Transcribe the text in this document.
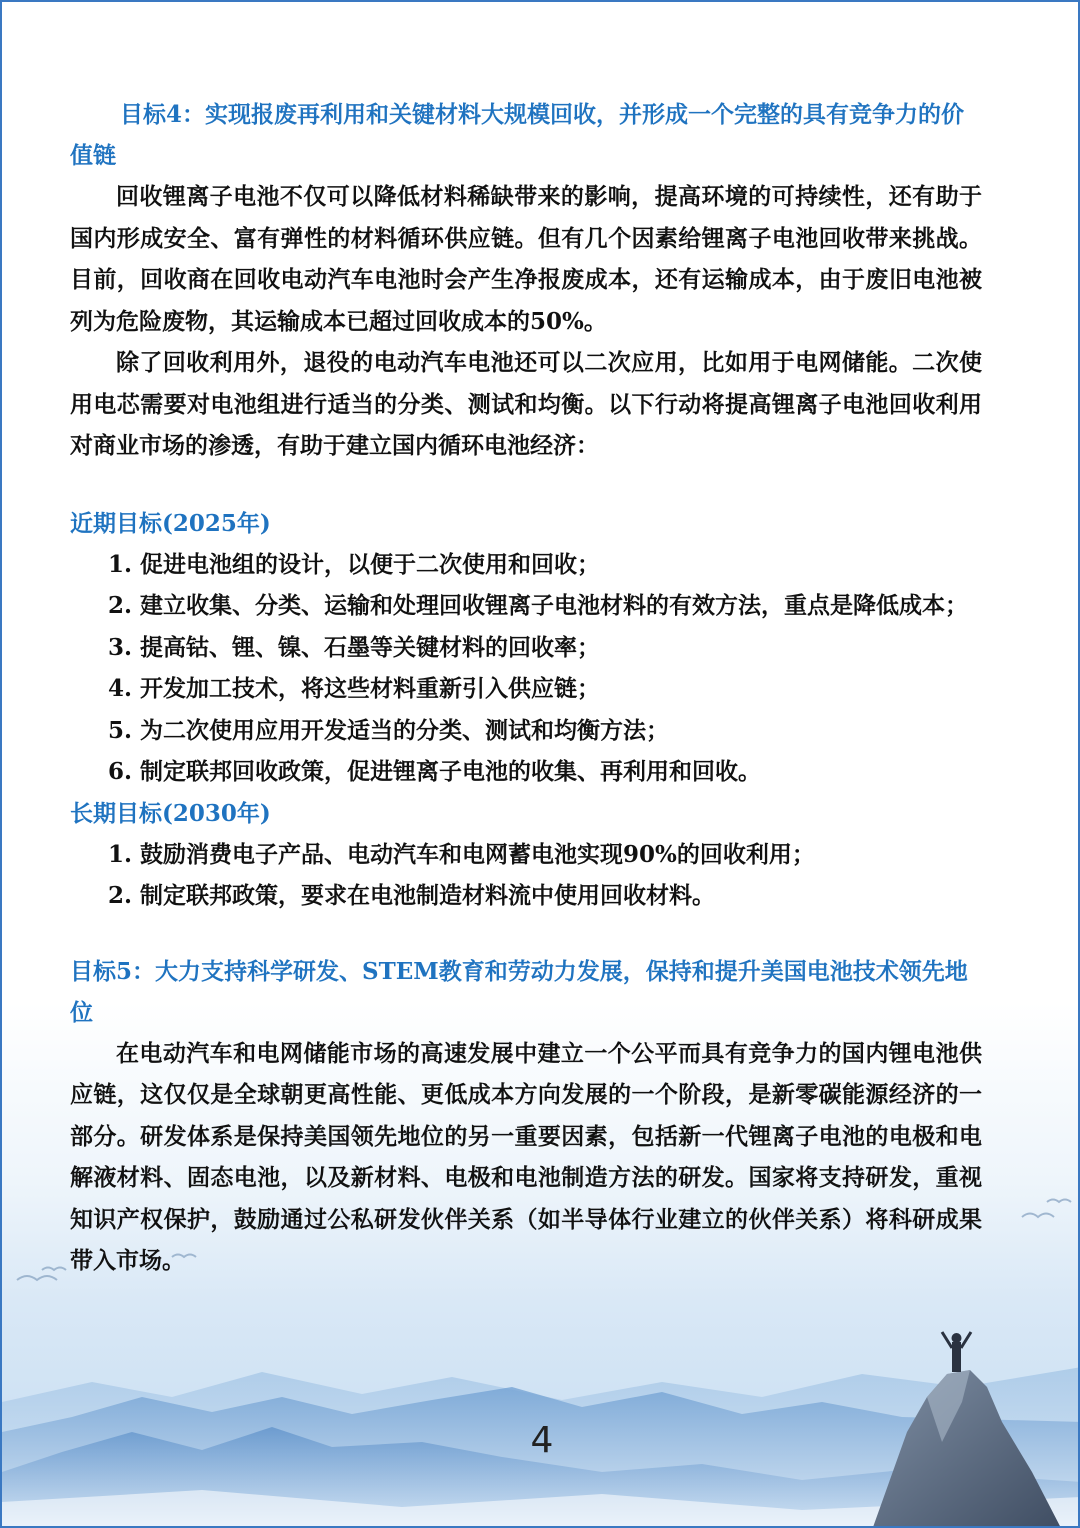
目标4：实现报废再利用和关键材料大规模回收，并形成一个完整的具有竞争力的价值链

回收锂离子电池不仅可以降低材料稀缺带来的影响，提高环境的可持续性，还有助于国内形成安全、富有弹性的材料循环供应链。但有几个因素给锂离子电池回收带来挑战。目前，回收商在回收电动汽车电池时会产生净报废成本，还有运输成本，由于废旧电池被列为危险废物，其运输成本已超过回收成本的50%。

除了回收利用外，退役的电动汽车电池还可以二次应用，比如用于电网储能。二次使用电芯需要对电池组进行适当的分类、测试和均衡。以下行动将提高锂离子电池回收利用对商业市场的渗透，有助于建立国内循环电池经济：

近期目标(2025年)

1. 促进电池组的设计，以便于二次使用和回收；

2. 建立收集、分类、运输和处理回收锂离子电池材料的有效方法，重点是降低成本；

3. 提高钴、锂、镍、石墨等关键材料的回收率；

4. 开发加工技术，将这些材料重新引入供应链；

5. 为二次使用应用开发适当的分类、测试和均衡方法；

6. 制定联邦回收政策，促进锂离子电池的收集、再利用和回收。

长期目标(2030年)

1. 鼓励消费电子产品、电动汽车和电网蓄电池实现90%的回收利用；

2. 制定联邦政策，要求在电池制造材料流中使用回收材料。

目标5：大力支持科学研发、STEM教育和劳动力发展，保持和提升美国电池技术领先地位

在电动汽车和电网储能市场的高速发展中建立一个公平而具有竞争力的国内锂电池供应链，这仅仅是全球朝更高性能、更低成本方向发展的一个阶段，是新零碳能源经济的一部分。研发体系是保持美国领先地位的另一重要因素，包括新一代锂离子电池的电极和电解液材料、固态电池，以及新材料、电极和电池制造方法的研发。国家将支持研发，重视知识产权保护，鼓励通过公私研发伙伴关系（如半导体行业建立的伙伴关系）将科研成果带入市场。

4
